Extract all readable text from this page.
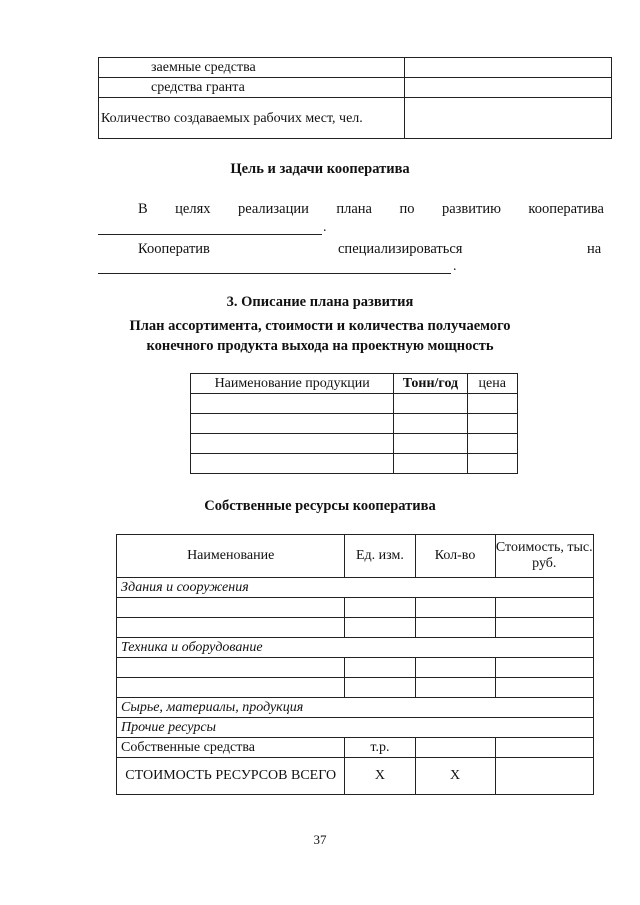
заемные средства	
средства гранта	
Количество создаваемых рабочих мест, чел.	
Цель и задачи кооператива
В целях реализации плана по развитию кооператива
.
Кооператив	специализироваться	на
.
3. Описание плана развития
План ассортимента, стоимости и количества получаемого
конечного продукта выхода на проектную мощность
Наименование продукции	Тонн/год	цена

Собственные ресурсы кооператива
Наименование	Ед. изм.	Кол-во	Стоимость, тыс. руб.
Здания и сооружения			

Техника и оборудование			

Сырье, материалы, продукция			
Прочие ресурсы			
Собственные средства	т.р.		
СТОИМОСТЬ РЕСУРСОВ ВСЕГО	Х	Х	
37
